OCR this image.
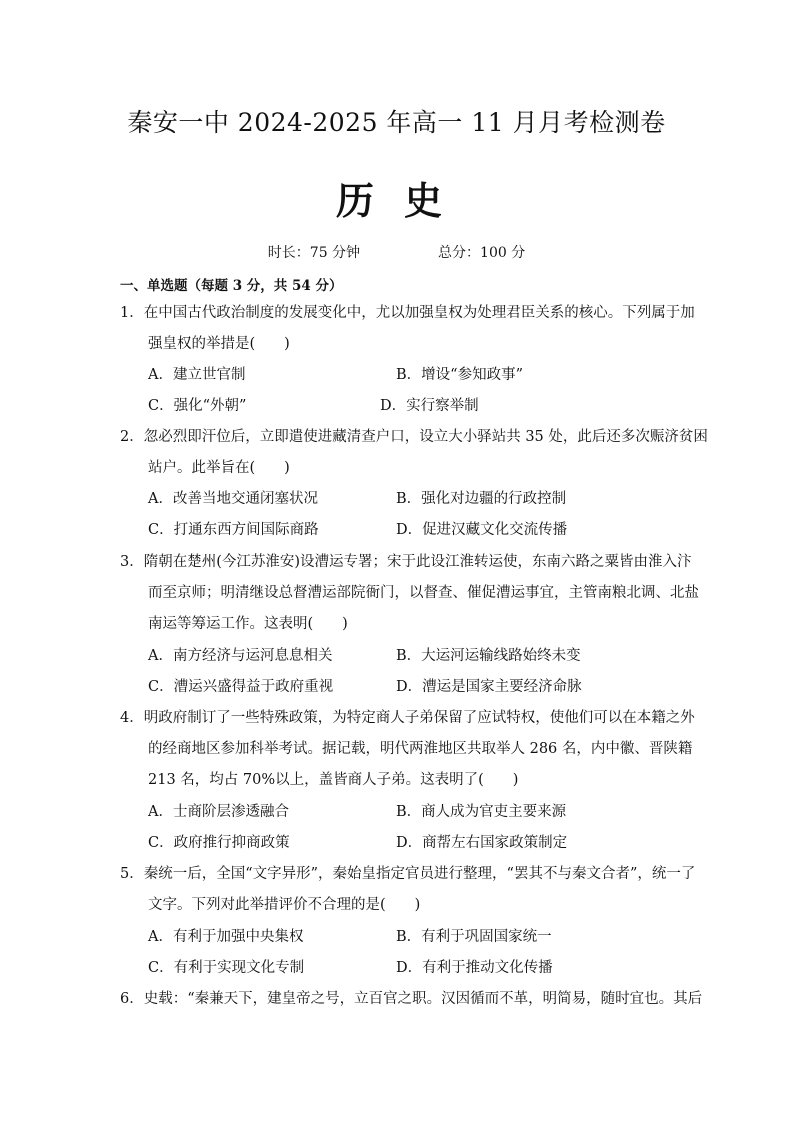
秦安一中 2024-2025 年高一 11 月月考检测卷
历史
时长：75 分钟	总分：100 分
一、单选题（每题 3 分，共 54 分）
1．在中国古代政治制度的发展变化中，尤以加强皇权为处理君臣关系的核心。下列属于加
强皇权的举措是(　　)
A．建立世官制	B．增设“参知政事”
C．强化“外朝”	D．实行察举制
2．忽必烈即汗位后，立即遣使进藏清查户口，设立大小驿站共 35 处，此后还多次赈济贫困
站户。此举旨在(　　)
A．改善当地交通闭塞状况	B．强化对边疆的行政控制
C．打通东西方间国际商路	D．促进汉藏文化交流传播
3．隋朝在楚州(今江苏淮安)设漕运专署；宋于此设江淮转运使，东南六路之粟皆由淮入汴
而至京师；明清继设总督漕运部院衙门，以督查、催促漕运事宜，主管南粮北调、北盐
南运等筹运工作。这表明(　　)
A．南方经济与运河息息相关	B．大运河运输线路始终未变
C．漕运兴盛得益于政府重视	D．漕运是国家主要经济命脉
4．明政府制订了一些特殊政策，为特定商人子弟保留了应试特权，使他们可以在本籍之外
的经商地区参加科举考试。据记载，明代两淮地区共取举人 286 名，内中徽、晋陕籍
213 名，均占 70%以上，盖皆商人子弟。这表明了(　　)
A．士商阶层渗透融合	B．商人成为官吏主要来源
C．政府推行抑商政策	D．商帮左右国家政策制定
5．秦统一后，全国“文字异形”，秦始皇指定官员进行整理，“罢其不与秦文合者”，统一了
文字。下列对此举措评价不合理的是(　　)
A．有利于加强中央集权	B．有利于巩固国家统一
C．有利于实现文化专制	D．有利于推动文化传播
6．史载：“秦兼天下，建皇帝之号，立百官之职。汉因循而不革，明简易，随时宜也。其后
